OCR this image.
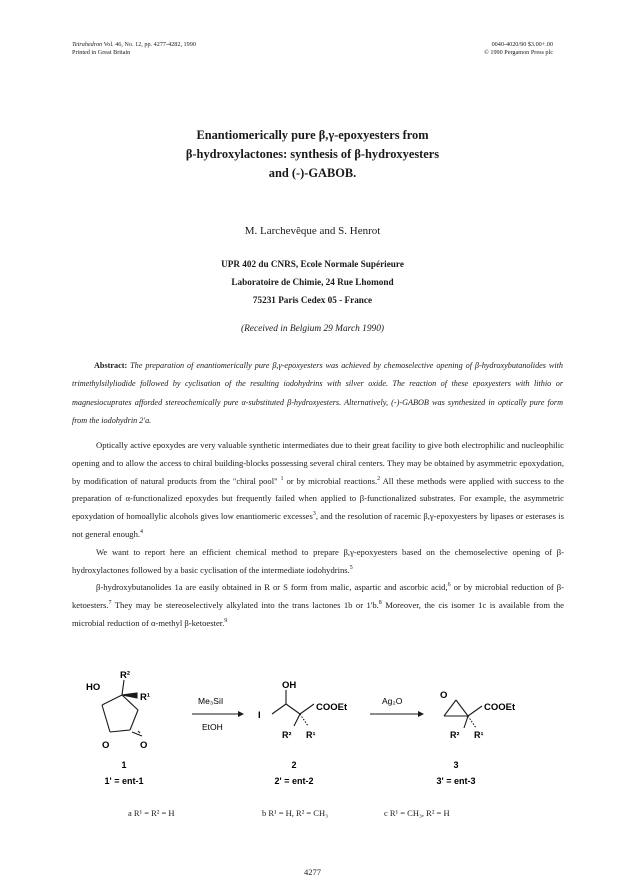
Tetrahedron Vol. 46, No. 12, pp. 4277-4282, 1990
Printed in Great Britain
0040-4020/90 $3.00+.00
© 1990 Pergamon Press plc
Enantiomerically pure β,γ-epoxyesters from
β-hydroxylactones: synthesis of β-hydroxyesters
and (-)-GABOB.
M. Larchevêque and S. Henrot
UPR 402 du CNRS, Ecole Normale Supérieure
Laboratoire de Chimie, 24 Rue Lhomond
75231 Paris Cedex 05 - France
(Received in Belgium 29 March 1990)
Abstract: The preparation of enantiomerically pure β,γ-epoxyesters was achieved by chemoselective opening of β-hydroxybutanolides with trimethylsilyliodide followed by cyclisation of the resulting iodohydrins with silver oxide. The reaction of these epoxyesters with lithio or magnesiocuprates afforded stereochemically pure α-substituted β-hydroxyesters. Alternatively, (-)-GABOB was synthesized in optically pure form from the iodohydrin 2'a.

Optically active epoxydes are very valuable synthetic intermediates due to their great facility to give both electrophilic and nucleophilic opening and to allow the access to chiral building-blocks possessing several chiral centers. They may be obtained by asymmetric epoxydation, by modification of natural products from the "chiral pool" $^1$ or by microbial reactions.$^2$ All these methods were applied with success to the preparation of α-functionalized epoxydes but frequently failed when applied to β-functionalized substrates. For example, the asymmetric epoxydation of homoallylic alcohols gives low enantiomeric excesses$^3$, and the resolution of racemic β,γ-epoxyesters by lipases or esterases is not general enough.$^4$

We want to report here an efficient chemical method to prepare β,γ-epoxyesters based on the chemoselective opening of β-hydroxylactones followed by a basic cyclisation of the intermediate iodohydrins.$^5$

β-hydroxybutanolides 1a are easily obtained in R or S form from malic, aspartic and ascorbic acid,$^6$ or by microbial reduction of β-ketoesters.$^7$ They may be stereoselectively alkylated into the trans lactones 1b or 1'b.$^8$ Moreover, the cis isomer 1c is available from the microbial reduction of α-methyl β-ketoester.$^9$

HO
R²
R¹
O	O
Me₃SiI
EtOH
I
OH
COOEt
R² R¹
Ag₂O	O
COOEt
R² R¹
1
1' = ent-1
2
2' = ent-2
3
3' = ent-3
a R¹ = R² = H	b R¹ = H, R² = CH₃	c R¹ = CH₃, R² = H
4277
